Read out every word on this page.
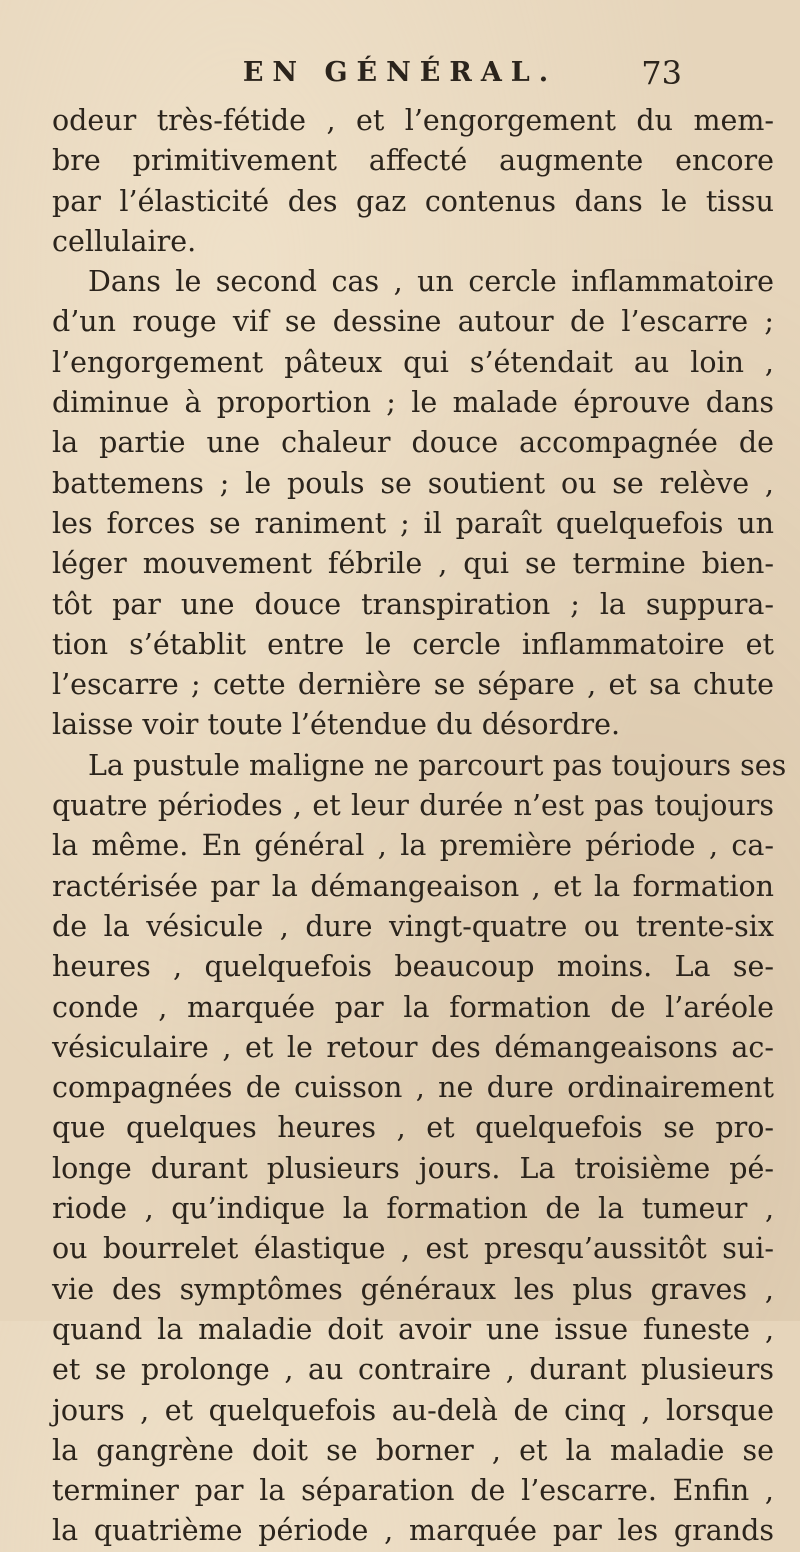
EN GÉNÉRAL.	73
odeur très-fétide , et l’engorgement du mem-
bre primitivement affecté augmente encore
par l’élasticité des gaz contenus dans le tissu
cellulaire.
Dans le second cas , un cercle inflammatoire
d’un rouge vif se dessine autour de l’escarre ;
l’engorgement pâteux qui s’étendait au loin ,
diminue à proportion ; le malade éprouve dans
la partie une chaleur douce accompagnée de
battemens ; le pouls se soutient ou se relève ,
les forces se raniment ; il paraît quelquefois un
léger mouvement fébrile , qui se termine bien-
tôt par une douce transpiration ; la suppura-
tion s’établit entre le cercle inflammatoire et
l’escarre ; cette dernière se sépare , et sa chute
laisse voir toute l’étendue du désordre.
La pustule maligne ne parcourt pas toujours ses
quatre périodes , et leur durée n’est pas toujours
la même. En général , la première période , ca-
ractérisée par la démangeaison , et la formation
de la vésicule , dure vingt-quatre ou trente-six
heures , quelquefois beaucoup moins. La se-
conde , marquée par la formation de l’aréole
vésiculaire , et le retour des démangeaisons ac-
compagnées de cuisson , ne dure ordinairement
que quelques heures , et quelquefois se pro-
longe durant plusieurs jours. La troisième pé-
riode , qu’indique la formation de la tumeur ,
ou bourrelet élastique , est presqu’aussitôt sui-
vie des symptômes généraux les plus graves ,
quand la maladie doit avoir une issue funeste ,
et se prolonge , au contraire , durant plusieurs
jours , et quelquefois au-delà de cinq , lorsque
la gangrène doit se borner , et la maladie se
terminer par la séparation de l’escarre. Enfin ,
la quatrième période , marquée par les grands
